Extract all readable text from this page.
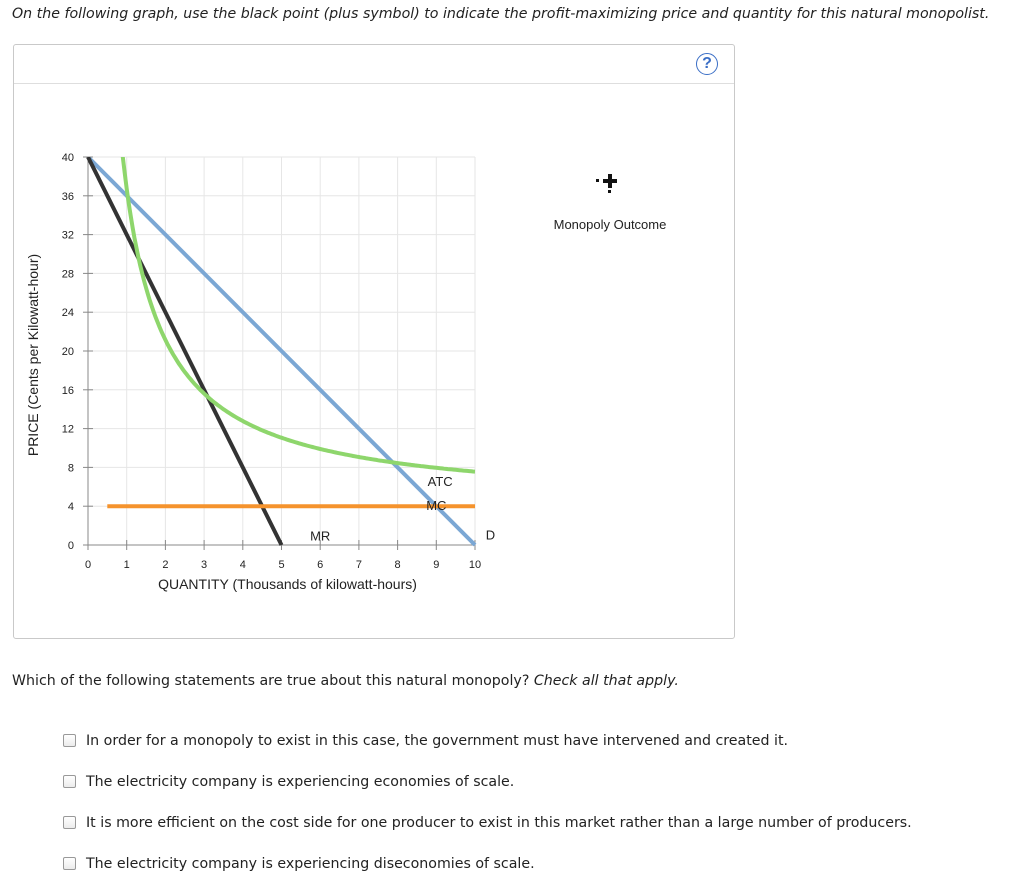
On the following graph, use the black point (plus symbol) to indicate the profit-maximizing price and quantity for this natural monopolist.
?
0
4
8
12
16
20
24
28
32
36
40
0	1	2	3	4	5	6	7	8	9	10
QUANTITY (Thousands of kilowatt-hours)
PRICE (Cents per Kilowatt-hour)
ATC
MC
MR	D
Monopoly Outcome
Which of the following statements are true about this natural monopoly? Check all that apply.
In order for a monopoly to exist in this case, the government must have intervened and created it.
The electricity company is experiencing economies of scale.
It is more efficient on the cost side for one producer to exist in this market rather than a large number of producers.
The electricity company is experiencing diseconomies of scale.
